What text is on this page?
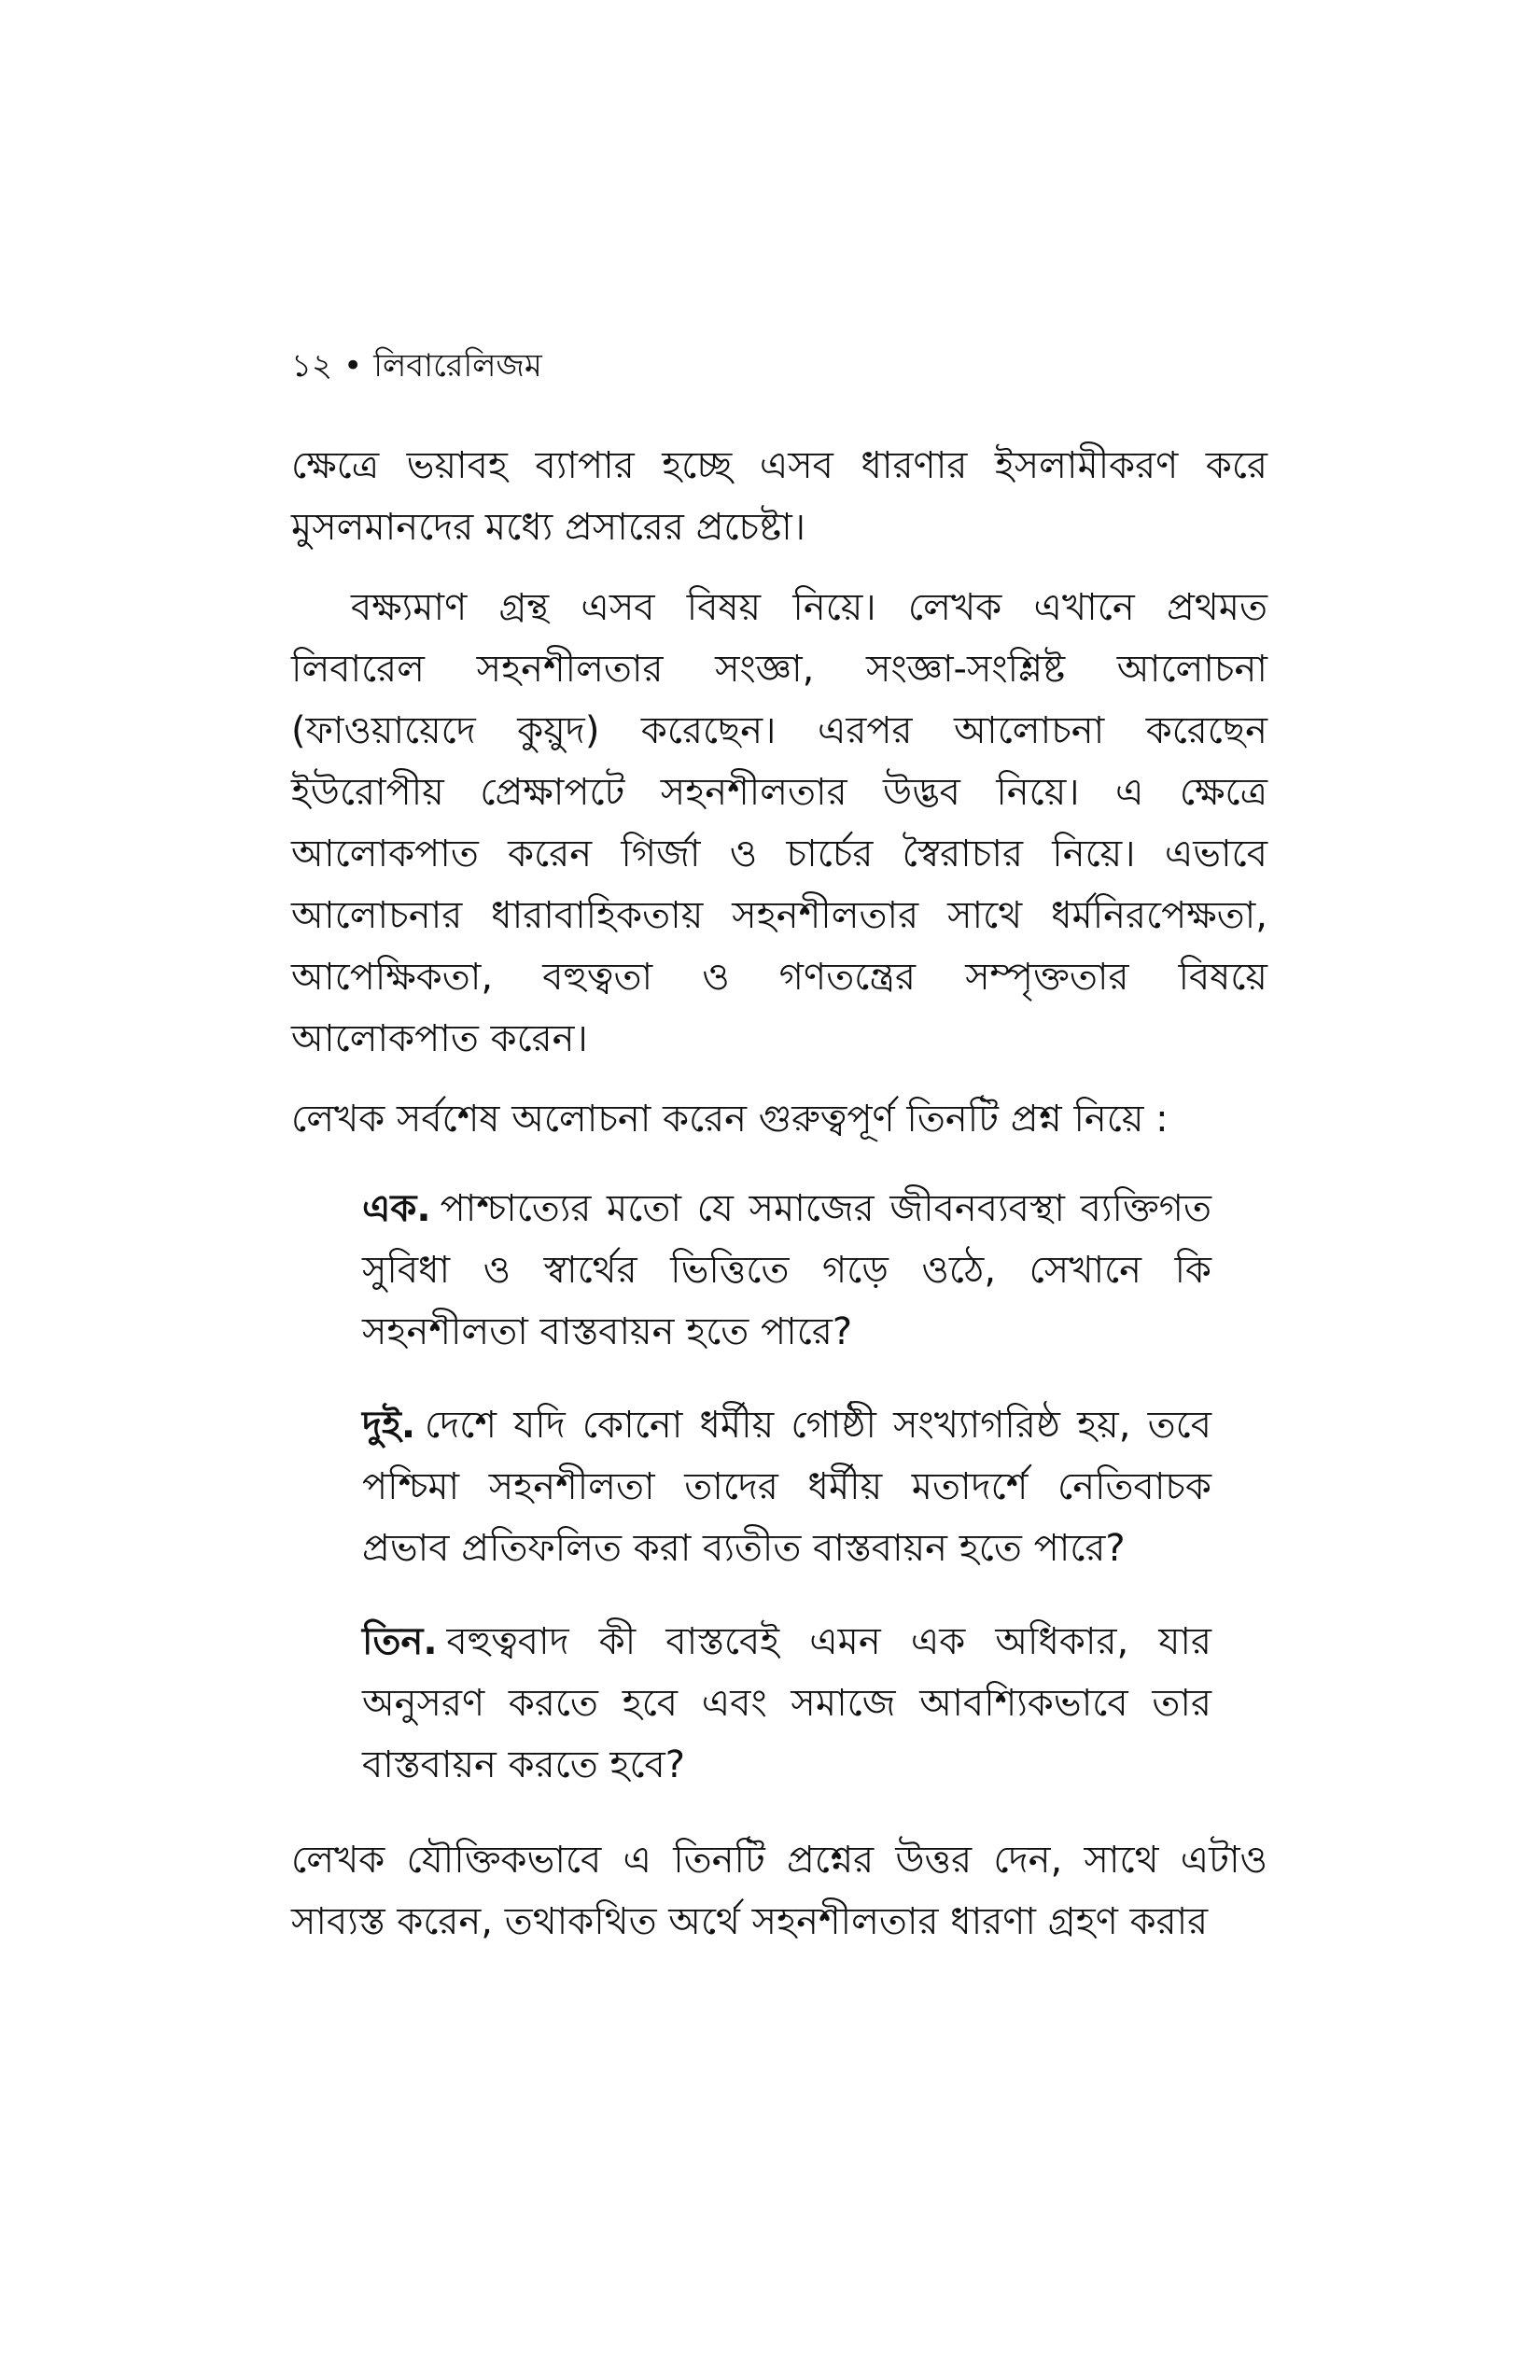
১২ • লিবারেলিজম

ক্ষেত্রে ভয়াবহ ব্যাপার হচ্ছে এসব ধারণার ইসলামীকরণ করে মুসলমানদের মধ্যে প্রসারের প্রচেষ্টা।

বক্ষ্যমাণ গ্রন্থ এসব বিষয় নিয়ে। লেখক এখানে প্রথমত লিবারেল সহনশীলতার সংজ্ঞা, সংজ্ঞা-সংশ্লিষ্ট আলোচনা (ফাওয়ায়েদে কুয়ুদ) করেছেন। এরপর আলোচনা করেছেন ইউরোপীয় প্রেক্ষাপটে সহনশীলতার উদ্ভব নিয়ে। এ ক্ষেত্রে আলোকপাত করেন গির্জা ও চার্চের স্বৈরাচার নিয়ে। এভাবে আলোচনার ধারাবাহিকতায় সহনশীলতার সাথে ধর্মনিরপেক্ষতা, আপেক্ষিকতা, বহুত্বতা ও গণতন্ত্রের সম্পৃক্ততার বিষয়ে আলোকপাত করেন।

লেখক সর্বশেষ অলোচনা করেন গুরুত্বপূর্ণ তিনটি প্রশ্ন নিয়ে :

এক. পাশ্চাত্যের মতো যে সমাজের জীবনব্যবস্থা ব্যক্তিগত সুবিধা ও স্বার্থের ভিত্তিতে গড়ে ওঠে, সেখানে কি সহনশীলতা বাস্তবায়ন হতে পারে?

দুই. দেশে যদি কোনো ধর্মীয় গোষ্ঠী সংখ্যাগরিষ্ঠ হয়, তবে পশ্চিমা সহনশীলতা তাদের ধর্মীয় মতাদর্শে নেতিবাচক প্রভাব প্রতিফলিত করা ব্যতীত বাস্তবায়ন হতে পারে?

তিন. বহুত্ববাদ কী বাস্তবেই এমন এক অধিকার, যার অনুসরণ করতে হবে এবং সমাজে আবশ্যিকভাবে তার বাস্তবায়ন করতে হবে?

লেখক যৌক্তিকভাবে এ তিনটি প্রশ্নের উত্তর দেন, সাথে এটাও সাব্যস্ত করেন, তথাকথিত অর্থে সহনশীলতার ধারণা গ্রহণ করার
